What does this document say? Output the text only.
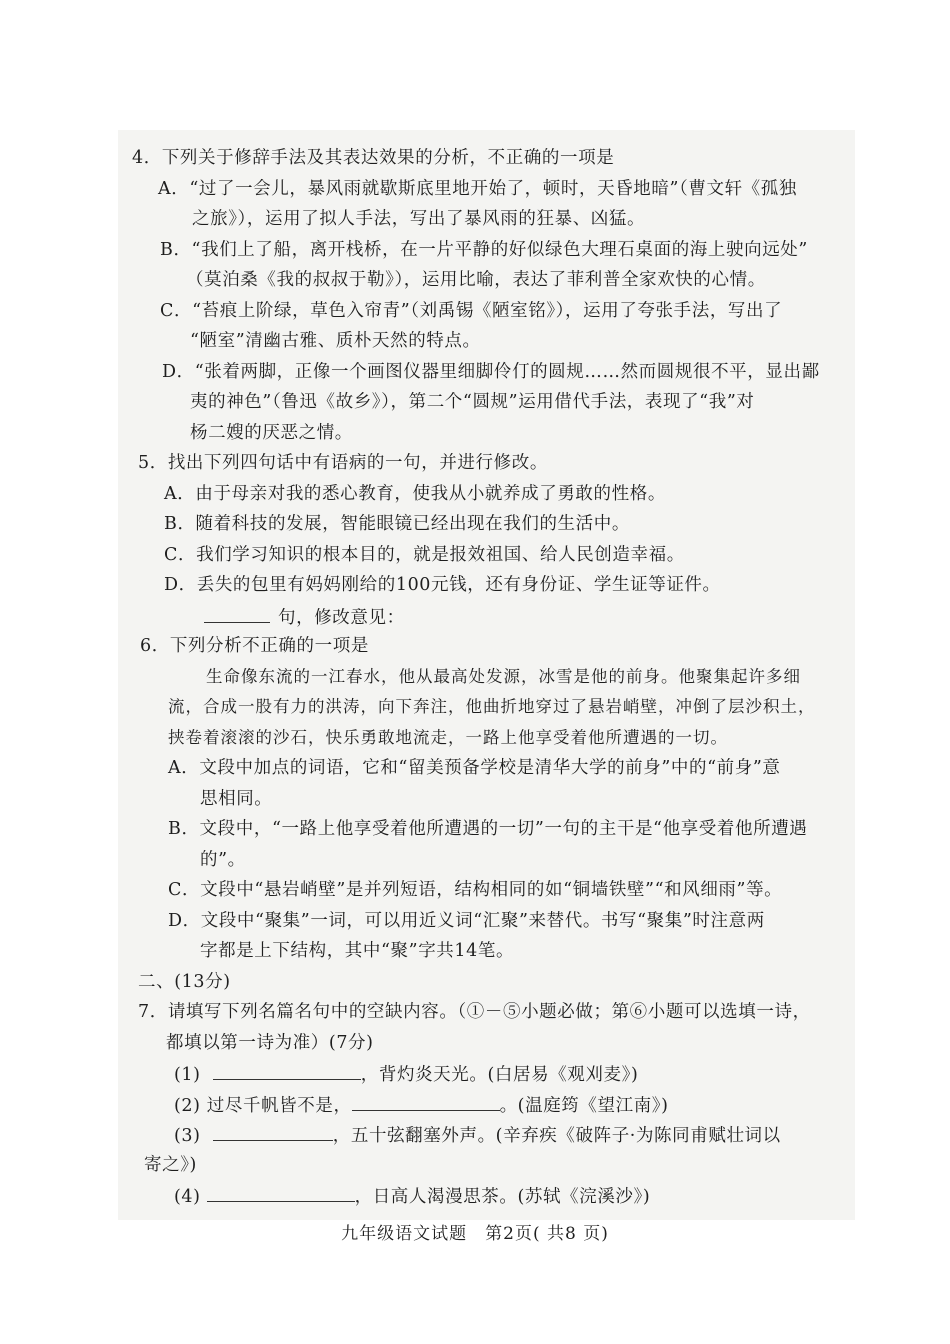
4．下列关于修辞手法及其表达效果的分析，不正确的一项是
A．“过了一会儿，暴风雨就歇斯底里地开始了，顿时，天昏地暗”（曹文轩《孤独
之旅》），运用了拟人手法，写出了暴风雨的狂暴、凶猛。
B．“我们上了船，离开栈桥，在一片平静的好似绿色大理石桌面的海上驶向远处”
（莫泊桑《我的叔叔于勒》），运用比喻，表达了菲利普全家欢快的心情。
C．“苔痕上阶绿，草色入帘青”（刘禹锡《陋室铭》），运用了夸张手法，写出了
“陋室”清幽古雅、质朴天然的特点。
D．“张着两脚，正像一个画图仪器里细脚伶仃的圆规……然而圆规很不平，显出鄙
夷的神色”（鲁迅《故乡》），第二个“圆规”运用借代手法，表现了“我”对
杨二嫂的厌恶之情。
5．找出下列四句话中有语病的一句，并进行修改。
A．由于母亲对我的悉心教育，使我从小就养成了勇敢的性格。
B．随着科技的发展，智能眼镜已经出现在我们的生活中。
C．我们学习知识的根本目的，就是报效祖国、给人民创造幸福。
D．丢失的包里有妈妈刚给的100元钱，还有身份证、学生证等证件。
句，修改意见：
6．下列分析不正确的一项是
生命像东流的一江春水，他从最高处发源，冰雪是他的前身。他聚集起许多细
流，合成一股有力的洪涛，向下奔注，他曲折地穿过了悬岩峭壁，冲倒了层沙积土，
挟卷着滚滚的沙石，快乐勇敢地流走，一路上他享受着他所遭遇的一切。
A．文段中加点的词语，它和“留美预备学校是清华大学的前身”中的“前身”意
思相同。
B．文段中，“一路上他享受着他所遭遇的一切”一句的主干是“他享受着他所遭遇
的”。
C．文段中“悬岩峭壁”是并列短语，结构相同的如“铜墙铁壁”“和风细雨”等。
D．文段中“聚集”一词，可以用近义词“汇聚”来替代。书写“聚集”时注意两
字都是上下结构，其中“聚”字共14笔。
二、(13分)
7．请填写下列名篇名句中的空缺内容。（①－⑤小题必做；第⑥小题可以选填一诗，
都填以第一诗为准）(7分)
(1)	，背灼炎天光。(白居易《观刈麦》)
(2) 过尽千帆皆不是，	。(温庭筠《望江南》)
(3)	，五十弦翻塞外声。(辛弃疾《破阵子·为陈同甫赋壮词以
寄之》)
(4)	，日高人渴漫思茶。(苏轼《浣溪沙》)
九年级语文试题　第2页( 共8 页)
